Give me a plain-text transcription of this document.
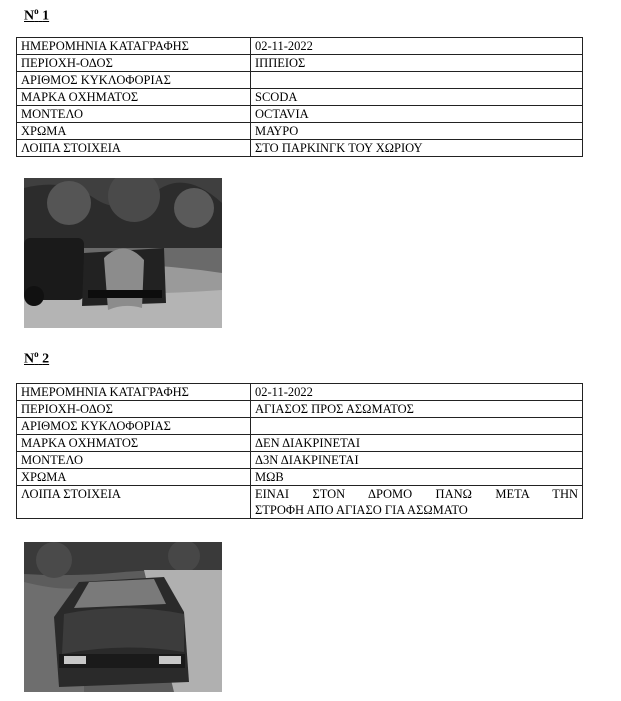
$N^o$ 1
ΗΜΕΡΟΜΗΝΙΑ ΚΑΤΑΓΡΑΦΗΣ	02-11-2022
ΠΕΡΙΟΧΗ-ΟΔΟΣ	ΙΠΠΕΙΟΣ
ΑΡΙΘΜΟΣ ΚΥΚΛΟΦΟΡΙΑΣ	
ΜΑΡΚΑ ΟΧΗΜΑΤΟΣ	SCODA
ΜΟΝΤΕΛΟ	OCTAVIA
ΧΡΩΜΑ	ΜΑΥΡΟ
ΛΟΙΠΑ ΣΤΟΙΧΕΙΑ	ΣΤΟ ΠΑΡΚΙΝΓΚ ΤΟΥ ΧΩΡΙΟΥ
$N^o$ 2
ΗΜΕΡΟΜΗΝΙΑ ΚΑΤΑΓΡΑΦΗΣ	02-11-2022
ΠΕΡΙΟΧΗ-ΟΔΟΣ	ΑΓΙΑΣΟΣ ΠΡΟΣ ΑΣΩΜΑΤΟΣ
ΑΡΙΘΜΟΣ ΚΥΚΛΟΦΟΡΙΑΣ	
ΜΑΡΚΑ ΟΧΗΜΑΤΟΣ	ΔΕΝ ΔΙΑΚΡΙΝΕΤΑΙ
ΜΟΝΤΕΛΟ	Δ3Ν ΔΙΑΚΡΙΝΕΤΑΙ
ΧΡΩΜΑ	ΜΩΒ
ΛΟΙΠΑ ΣΤΟΙΧΕΙΑ	ΕΙΝΑΙ ΣΤΟΝ ΔΡΟΜΟ ΠΑΝΩ ΜΕΤΑ ΤΗΝ
ΣΤΡΟΦΗ ΑΠΟ ΑΓΙΑΣΟ ΓΙΑ ΑΣΩΜΑΤΟ
